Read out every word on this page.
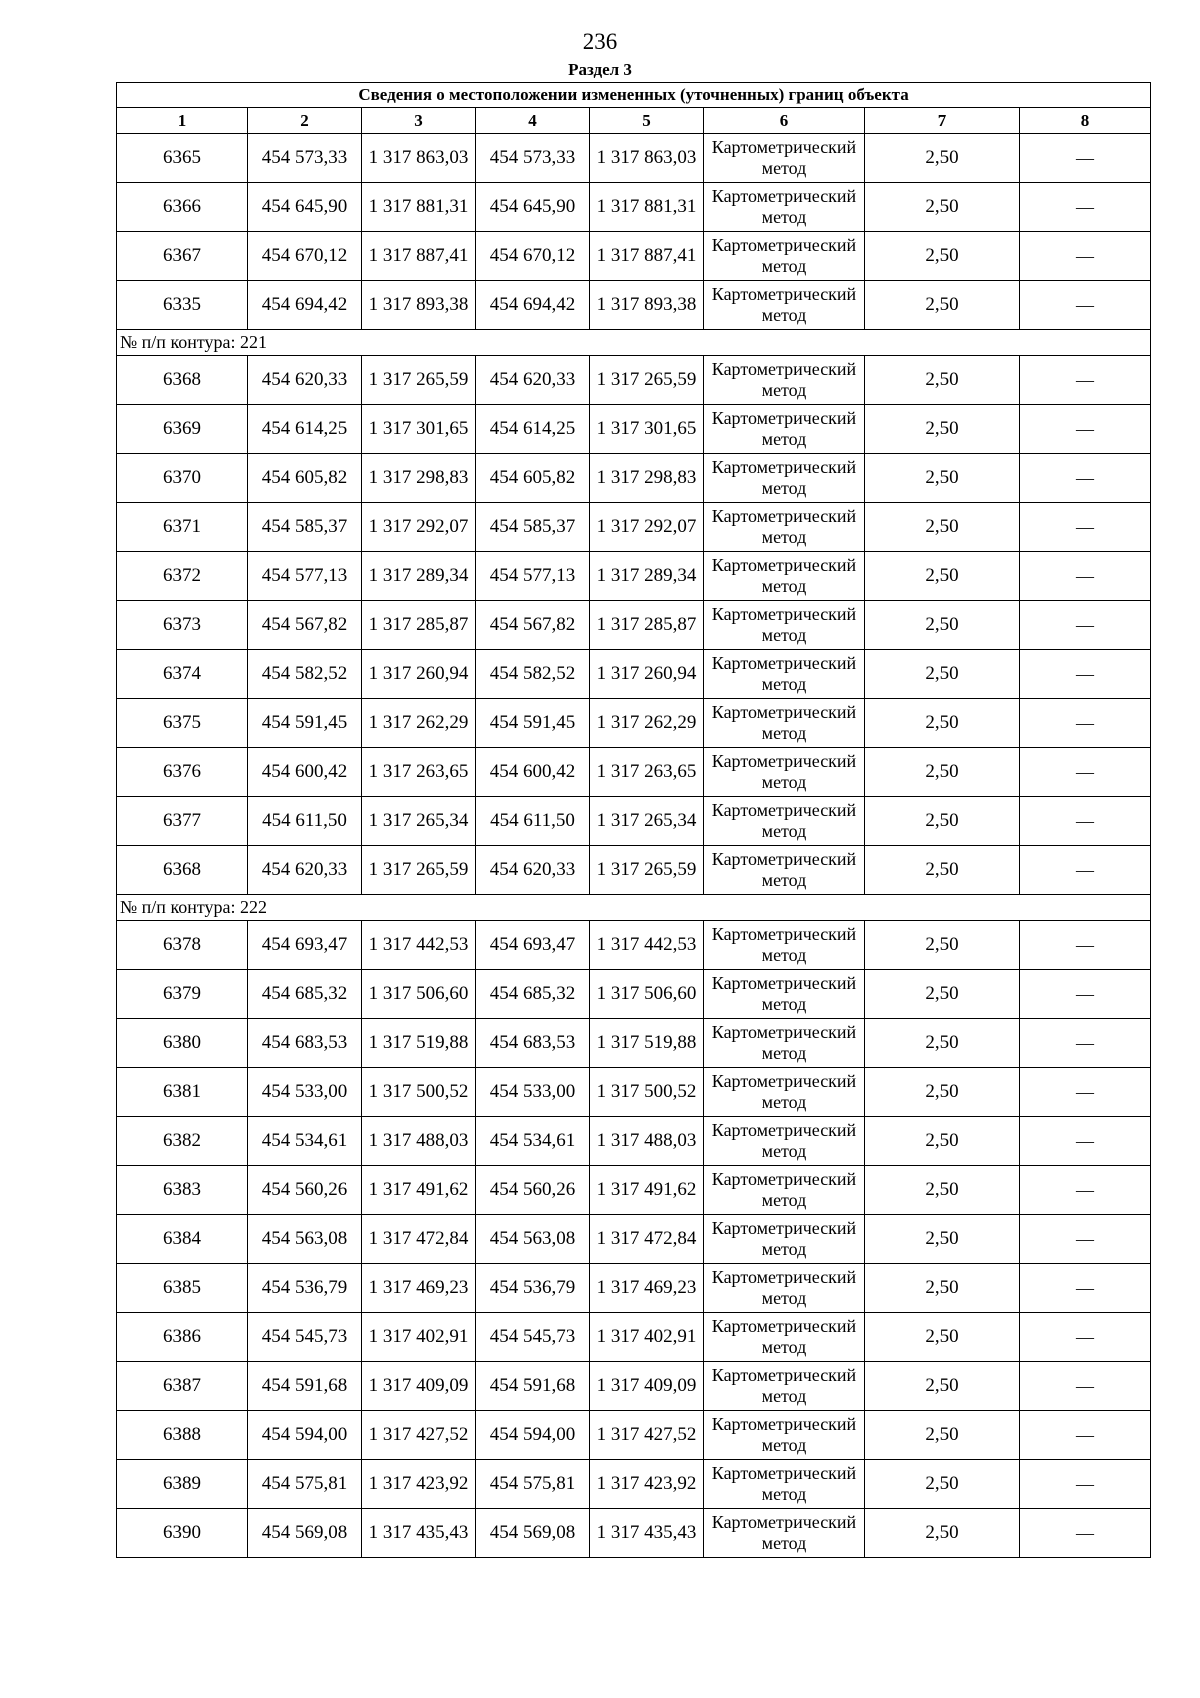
236
Раздел 3
Сведения о местоположении измененных (уточненных) границ объекта							
1	2	3	4	5	6	7	8
6365	454 573,33	1 317 863,03	454 573,33	1 317 863,03	Картометрический метод	2,50	—
6366	454 645,90	1 317 881,31	454 645,90	1 317 881,31	Картометрический метод	2,50	—
6367	454 670,12	1 317 887,41	454 670,12	1 317 887,41	Картометрический метод	2,50	—
6335	454 694,42	1 317 893,38	454 694,42	1 317 893,38	Картометрический метод	2,50	—
№ п/п контура: 221							
6368	454 620,33	1 317 265,59	454 620,33	1 317 265,59	Картометрический метод	2,50	—
6369	454 614,25	1 317 301,65	454 614,25	1 317 301,65	Картометрический метод	2,50	—
6370	454 605,82	1 317 298,83	454 605,82	1 317 298,83	Картометрический метод	2,50	—
6371	454 585,37	1 317 292,07	454 585,37	1 317 292,07	Картометрический метод	2,50	—
6372	454 577,13	1 317 289,34	454 577,13	1 317 289,34	Картометрический метод	2,50	—
6373	454 567,82	1 317 285,87	454 567,82	1 317 285,87	Картометрический метод	2,50	—
6374	454 582,52	1 317 260,94	454 582,52	1 317 260,94	Картометрический метод	2,50	—
6375	454 591,45	1 317 262,29	454 591,45	1 317 262,29	Картометрический метод	2,50	—
6376	454 600,42	1 317 263,65	454 600,42	1 317 263,65	Картометрический метод	2,50	—
6377	454 611,50	1 317 265,34	454 611,50	1 317 265,34	Картометрический метод	2,50	—
6368	454 620,33	1 317 265,59	454 620,33	1 317 265,59	Картометрический метод	2,50	—
№ п/п контура: 222							
6378	454 693,47	1 317 442,53	454 693,47	1 317 442,53	Картометрический метод	2,50	—
6379	454 685,32	1 317 506,60	454 685,32	1 317 506,60	Картометрический метод	2,50	—
6380	454 683,53	1 317 519,88	454 683,53	1 317 519,88	Картометрический метод	2,50	—
6381	454 533,00	1 317 500,52	454 533,00	1 317 500,52	Картометрический метод	2,50	—
6382	454 534,61	1 317 488,03	454 534,61	1 317 488,03	Картометрический метод	2,50	—
6383	454 560,26	1 317 491,62	454 560,26	1 317 491,62	Картометрический метод	2,50	—
6384	454 563,08	1 317 472,84	454 563,08	1 317 472,84	Картометрический метод	2,50	—
6385	454 536,79	1 317 469,23	454 536,79	1 317 469,23	Картометрический метод	2,50	—
6386	454 545,73	1 317 402,91	454 545,73	1 317 402,91	Картометрический метод	2,50	—
6387	454 591,68	1 317 409,09	454 591,68	1 317 409,09	Картометрический метод	2,50	—
6388	454 594,00	1 317 427,52	454 594,00	1 317 427,52	Картометрический метод	2,50	—
6389	454 575,81	1 317 423,92	454 575,81	1 317 423,92	Картометрический метод	2,50	—
6390	454 569,08	1 317 435,43	454 569,08	1 317 435,43	Картометрический метод	2,50	—
